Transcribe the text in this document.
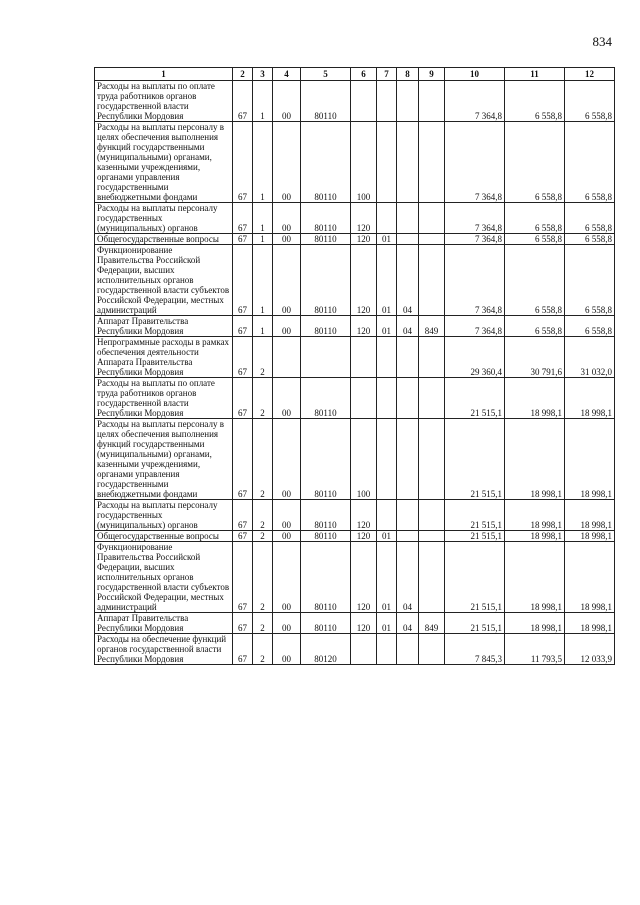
834
1	2	3	4	5	6	7	8	9	10	11	12
Расходы на выплаты по оплате труда работников органов государственной власти Республики Мордовия	67	1	00	80110					7 364,8	6 558,8	6 558,8
Расходы на выплаты персоналу в целях обеспечения выполнения функций государственными (муниципальными) органами, казенными учреждениями, органами управления государственными внебюджетными фондами	67	1	00	80110	100				7 364,8	6 558,8	6 558,8
Расходы на выплаты персоналу государственных (муниципальных) органов	67	1	00	80110	120				7 364,8	6 558,8	6 558,8
Общегосударственные вопросы	67	1	00	80110	120	01			7 364,8	6 558,8	6 558,8
Функционирование Правительства Российской Федерации, высших исполнительных органов государственной власти субъектов Российской Федерации, местных администраций	67	1	00	80110	120	01	04		7 364,8	6 558,8	6 558,8
Аппарат Правительства Республики Мордовия	67	1	00	80110	120	01	04	849	7 364,8	6 558,8	6 558,8
Непрограммные расходы в рамках обеспечения деятельности Аппарата Правительства Республики Мордовия	67	2							29 360,4	30 791,6	31 032,0
Расходы на выплаты по оплате труда работников органов государственной власти Республики Мордовия	67	2	00	80110					21 515,1	18 998,1	18 998,1
Расходы на выплаты персоналу в целях обеспечения выполнения функций государственными (муниципальными) органами, казенными учреждениями, органами управления государственными внебюджетными фондами	67	2	00	80110	100				21 515,1	18 998,1	18 998,1
Расходы на выплаты персоналу государственных (муниципальных) органов	67	2	00	80110	120				21 515,1	18 998,1	18 998,1
Общегосударственные вопросы	67	2	00	80110	120	01			21 515,1	18 998,1	18 998,1
Функционирование Правительства Российской Федерации, высших исполнительных органов государственной власти субъектов Российской Федерации, местных администраций	67	2	00	80110	120	01	04		21 515,1	18 998,1	18 998,1
Аппарат Правительства Республики Мордовия	67	2	00	80110	120	01	04	849	21 515,1	18 998,1	18 998,1
Расходы на обеспечение функций органов государственной власти Республики Мордовия	67	2	00	80120					7 845,3	11 793,5	12 033,9
